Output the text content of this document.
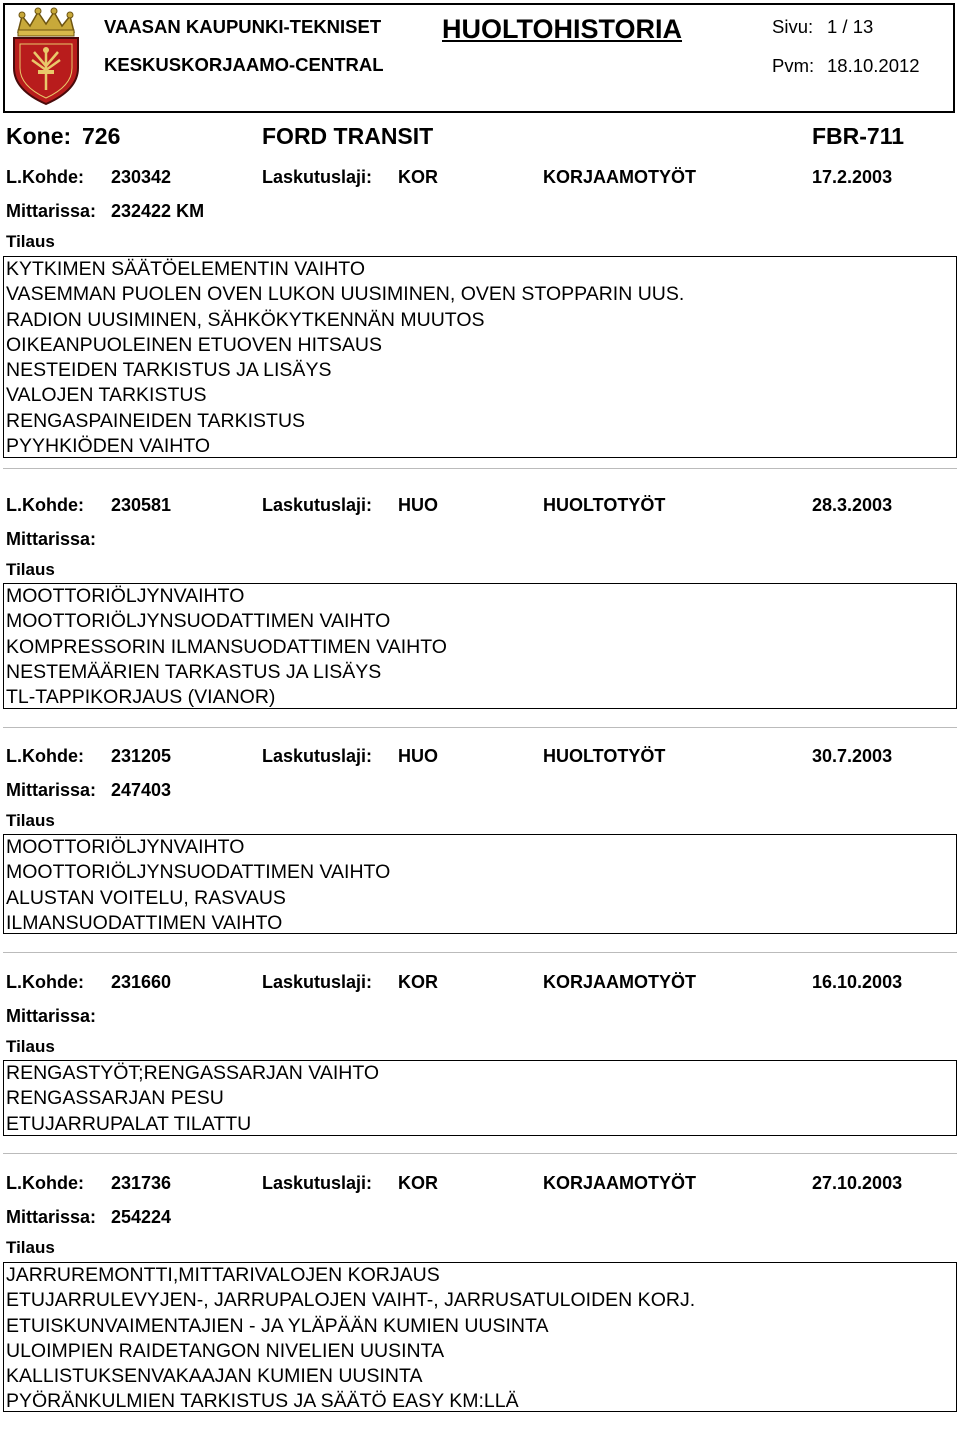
VAASAN KAUPUNKI-TEKNISET
KESKUSKORJAAMO-CENTRAL
HUOLTOHISTORIA	Sivu: 1 / 13
Pvm: 18.10.2012
Kone: 726	FORD TRANSIT	FBR-711
L.Kohde: 230342	Laskutuslaji: KOR	KORJAAMOTYÖT	17.2.2003
Mittarissa: 232422 KM
Tilaus
KYTKIMEN SÄÄTÖELEMENTIN VAIHTO
VASEMMAN PUOLEN OVEN LUKON UUSIMINEN, OVEN STOPPARIN UUS.
RADION UUSIMINEN, SÄHKÖKYTKENNÄN MUUTOS
OIKEANPUOLEINEN ETUOVEN HITSAUS
NESTEIDEN TARKISTUS JA LISÄYS
VALOJEN TARKISTUS
RENGASPAINEIDEN TARKISTUS
PYYHKIÖDEN VAIHTO
L.Kohde: 230581	Laskutuslaji: HUO	HUOLTOTYÖT	28.3.2003
Mittarissa:
Tilaus
MOOTTORIÖLJYNVAIHTO
MOOTTORIÖLJYNSUODATTIMEN VAIHTO
KOMPRESSORIN ILMANSUODATTIMEN VAIHTO
NESTEMÄÄRIEN TARKASTUS JA LISÄYS
TL-TAPPIKORJAUS (VIANOR)
L.Kohde: 231205	Laskutuslaji: HUO	HUOLTOTYÖT	30.7.2003
Mittarissa: 247403
Tilaus
MOOTTORIÖLJYNVAIHTO
MOOTTORIÖLJYNSUODATTIMEN VAIHTO
ALUSTAN VOITELU, RASVAUS
ILMANSUODATTIMEN VAIHTO
L.Kohde: 231660	Laskutuslaji: KOR	KORJAAMOTYÖT	16.10.2003
Mittarissa:
Tilaus
RENGASTYÖT;RENGASSARJAN VAIHTO
RENGASSARJAN PESU
ETUJARRUPALAT TILATTU
L.Kohde: 231736	Laskutuslaji: KOR	KORJAAMOTYÖT	27.10.2003
Mittarissa: 254224
Tilaus
JARRUREMONTTI,MITTARIVALOJEN KORJAUS
ETUJARRULEVYJEN-, JARRUPALOJEN VAIHT-, JARRUSATULOIDEN KORJ.
ETUISKUNVAIMENTAJIEN - JA YLÄPÄÄN KUMIEN UUSINTA
ULOIMPIEN RAIDETANGON NIVELIEN UUSINTA
KALLISTUKSENVAKAAJAN KUMIEN UUSINTA
PYÖRÄNKULMIEN TARKISTUS JA SÄÄTÖ EASY KM:LLÄ
